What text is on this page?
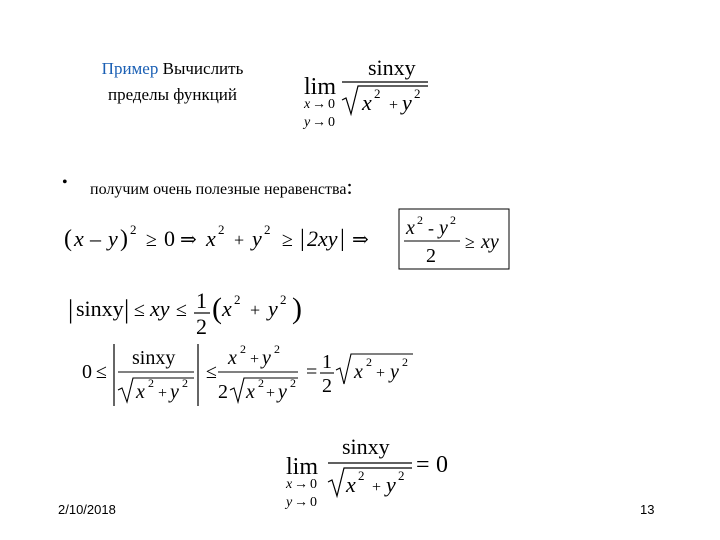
Пример Вычислить
пределы функций	lim
sinxy
x 2
+ y 2
x → 0
y → 0
• получим очень полезные неравенства:
( x – y ) 2 ≥ 0 ⇒ x 2
+ y 2 ≥ | 2xy | ⇒
x 2 - y 2
2
≥ xy
| sinxy | ≤ xy ≤ 1
2
( x 2
+ y 2 )
0 ≤
sinxy
x 2
+ y 2 ≤
x 2
+ y 2
2 x 2
+ y 2 = 1
2
x 2
+ y 2
lim
sinxy
x 2
+ y 2 = 0
x → 0
y → 0
2/10/2018	13
